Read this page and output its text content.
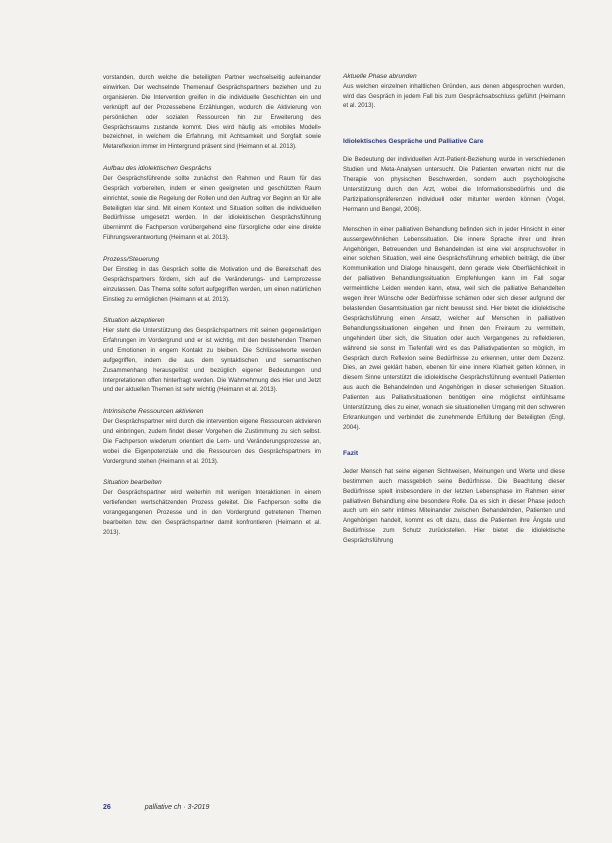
vorstanden, durch welche die beteiligten Partner wechselseitig aufeinander einwirken. Der wechselnde Themenauf Gesprächspartners beziehen und zu organisieren. Die Intervention greifen in die individuelle Geschichten ein und verknüpft auf der Prozessebene Erzählungen, wodurch die Aktivierung von persönlichen oder sozialen Ressourcen hin zur Erweiterung des Gesprächsraums zustande kommt. Dies wird häufig als «mobiles Modell» bezeichnet, in welchem die Erfahrung, mit Achtsamkeit und Sorgfalt sowie Metareflexion immer im Hintergrund präsent sind (Heimann et al. 2013).

Aufbau des idiolektischen Gesprächs

Der Gesprächsführende sollte zunächst den Rahmen und Raum für das Gespräch vorbereiten, indem er einen geeigneten und geschützten Raum einrichtet, sowie die Regelung der Rollen und den Auftrag vor Beginn an für alle Beteiligten klar sind. Mit einem Kontext und Situation sollten die individuellen Bedürfnisse umgesetzt werden. In der idiolektischen Gesprächsführung übernimmt die Fachperson vorübergehend eine fürsorgliche oder eine direkte Führungsverantwortung (Heimann et al. 2013).

Prozess/Steuerung

Der Einstieg in das Gespräch sollte die Motivation und die Bereitschaft des Gesprächspartners fördern, sich auf die Veränderungs- und Lernprozesse einzulassen. Das Thema sollte sofort aufgegriffen werden, um einen natürlichen Einstieg zu ermöglichen (Heimann et al. 2013).

Situation akzeptieren

Hier steht die Unterstützung des Gesprächspartners mit seinen gegenwärtigen Erfahrungen im Vordergrund und er ist wichtig, mit den bestehenden Themen und Emotionen in engem Kontakt zu bleiben. Die Schlüsselworte werden aufgegriffen, indem die aus dem syntaktischen und semantischen Zusammenhang herausgelöst und bezüglich eigener Bedeutungen und Interpretationen offen hinterfragt werden. Die Wahrnehmung des Hier und Jetzt und der aktuellen Themen ist sehr wichtig (Heimann et al. 2013).

Intrinsische Ressourcen aktivieren

Der Gesprächspartner wird durch die intervention eigene Ressourcen aktivieren und einbringen, zudem findet dieser Vorgehen die Zustimmung zu sich selbst. Die Fachperson wiederum orientiert die Lern- und Veränderungsprozesse an, wobei die Eigenpotenziale und die Ressourcen des Gesprächspartners im Vordergrund stehen (Heimann et al. 2013).

Situation bearbeiten

Der Gesprächspartner wird weiterhin mit wenigen Interaktionen in einem vertiefenden wertschätzenden Prozess geleitet. Die Fachperson sollte die vorangegangenen Prozesse und in den Vordergrund getretenen Themen bearbeiten bzw. den Gesprächspartner damit konfrontieren (Heimann et al. 2013).

Aktuelle Phase abrunden

Aus welchen einzelnen inhaltlichen Gründen, aus denen abgesprochen wurden, wird das Gespräch in jedem Fall bis zum Gesprächsabschluss geführt (Heimann et al. 2013).

Idiolektisches Gespräche und Palliative Care

Die Bedeutung der individuellen Arzt-Patient-Beziehung wurde in verschiedenen Studien und Meta-Analysen untersucht. Die Patienten erwarten nicht nur die Therapie von physischen Beschwerden, sondern auch psychologische Unterstützung durch den Arzt, wobei die Informationsbedürfnis und die Partizipationspräferenzen individuell oder mitunter werden können (Vogel, Hermann und Bengel, 2006).

Menschen in einer palliativen Behandlung befinden sich in jeder Hinsicht in einer aussergewöhnlichen Lebenssituation. Die innere Sprache ihrer und ihren Angehörigen, Betreuenden und Behandelnden ist eine viel anspruchsvoller in einer solchen Situation, weil eine Gesprächsführung erheblich beiträgt, die über Kommunikation und Dialoge hinausgeht, denn gerade viele Oberflächlichkeit in der palliativen Behandlungssituation Empfehlungen kann im Fall sogar vermeintliche Leiden wenden kann, etwa, weil sich die palliative Behandelten wegen ihrer Wünsche oder Bedürfnisse schämen oder sich dieser aufgrund der belastenden Gesamtsituation gar nicht bewusst sind. Hier bietet die idiolektische Gesprächsführung einen Ansatz, welcher auf Menschen in palliativen Behandlungssituationen eingehen und ihnen den Freiraum zu vermitteln, ungehindert über sich, die Situation oder auch Vergangenes zu reflektieren, während sie sonst im Tiefenfall wird es das Palliativpatienten so möglich, im Gespräch durch Reflexion seine Bedürfnisse zu erkennen, unter dem Dezenz. Dies, an zwei geklärt haben, ebenen für eine innere Klarheit gelten können, in diesem Sinne unterstützt die idiolektische Gesprächsführung eventuell Patienten aus auch die Behandelnden und Angehörigen in dieser schwierigen Situation. Patienten aus Palliativsituationen benötigen eine möglichst einfühlsame Unterstützung, dies zu einer, wonach sie situationellen Umgang mit den schweren Erkrankungen und verbindet die zunehmende Erfüllung der Beteiligten (Engl, 2004).

Fazit

Jeder Mensch hat seine eigenen Sichtweisen, Meinungen und Werte und diese bestimmen auch massgeblich seine Bedürfnisse. Die Beachtung dieser Bedürfnisse spielt insbesondere in der letzten Lebensphase im Rahmen einer palliativen Behandlung eine besondere Rolle. Da es sich in dieser Phase jedoch auch um ein sehr intimes Miteinander zwischen Behandelnden, Patienten und Angehörigen handelt, kommt es oft dazu, dass die Patienten ihre Ängste und Bedürfnisse zum Schutz zurückstellen. Hier bietet die idiolektische Gesprächsführung

26	palliative ch · 3-2019
